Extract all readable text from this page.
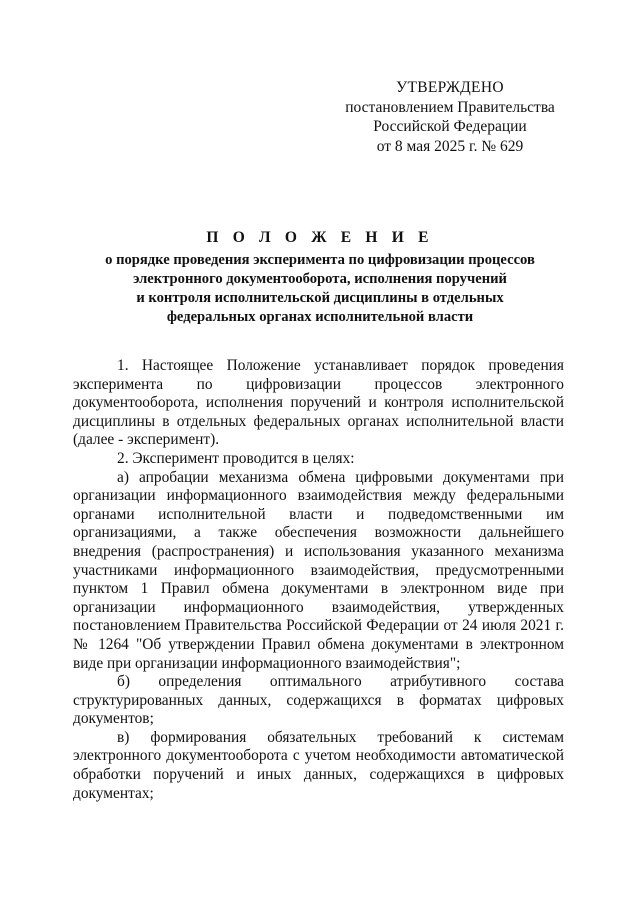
УТВЕРЖДЕНО
постановлением Правительства
Российской Федерации
от 8 мая 2025 г. № 629
П О Л О Ж Е Н И Е
о порядке проведения эксперимента по цифровизации процессов
электронного документооборота, исполнения поручений
и контроля исполнительской дисциплины в отдельных
федеральных органах исполнительной власти

1. Настоящее Положение устанавливает порядок проведения эксперимента по цифровизации процессов электронного документооборота, исполнения поручений и контроля исполнительской дисциплины в отдельных федеральных органах исполнительной власти (далее - эксперимент).

2. Эксперимент проводится в целях:

а) апробации механизма обмена цифровыми документами при организации информационного взаимодействия между федеральными органами исполнительной власти и подведомственными им организациями, а также обеспечения возможности дальнейшего внедрения (распространения) и использования указанного механизма участниками информационного взаимодействия, предусмотренными пунктом 1 Правил обмена документами в электронном виде при организации информационного взаимодействия, утвержденных постановлением Правительства Российской Федерации от 24 июля 2021 г. № 1264 "Об утверждении Правил обмена документами в электронном виде при организации информационного взаимодействия";

б) определения оптимального атрибутивного состава структурированных данных, содержащихся в форматах цифровых документов;

в) формирования обязательных требований к системам электронного документооборота с учетом необходимости автоматической обработки поручений и иных данных, содержащихся в цифровых документах;
